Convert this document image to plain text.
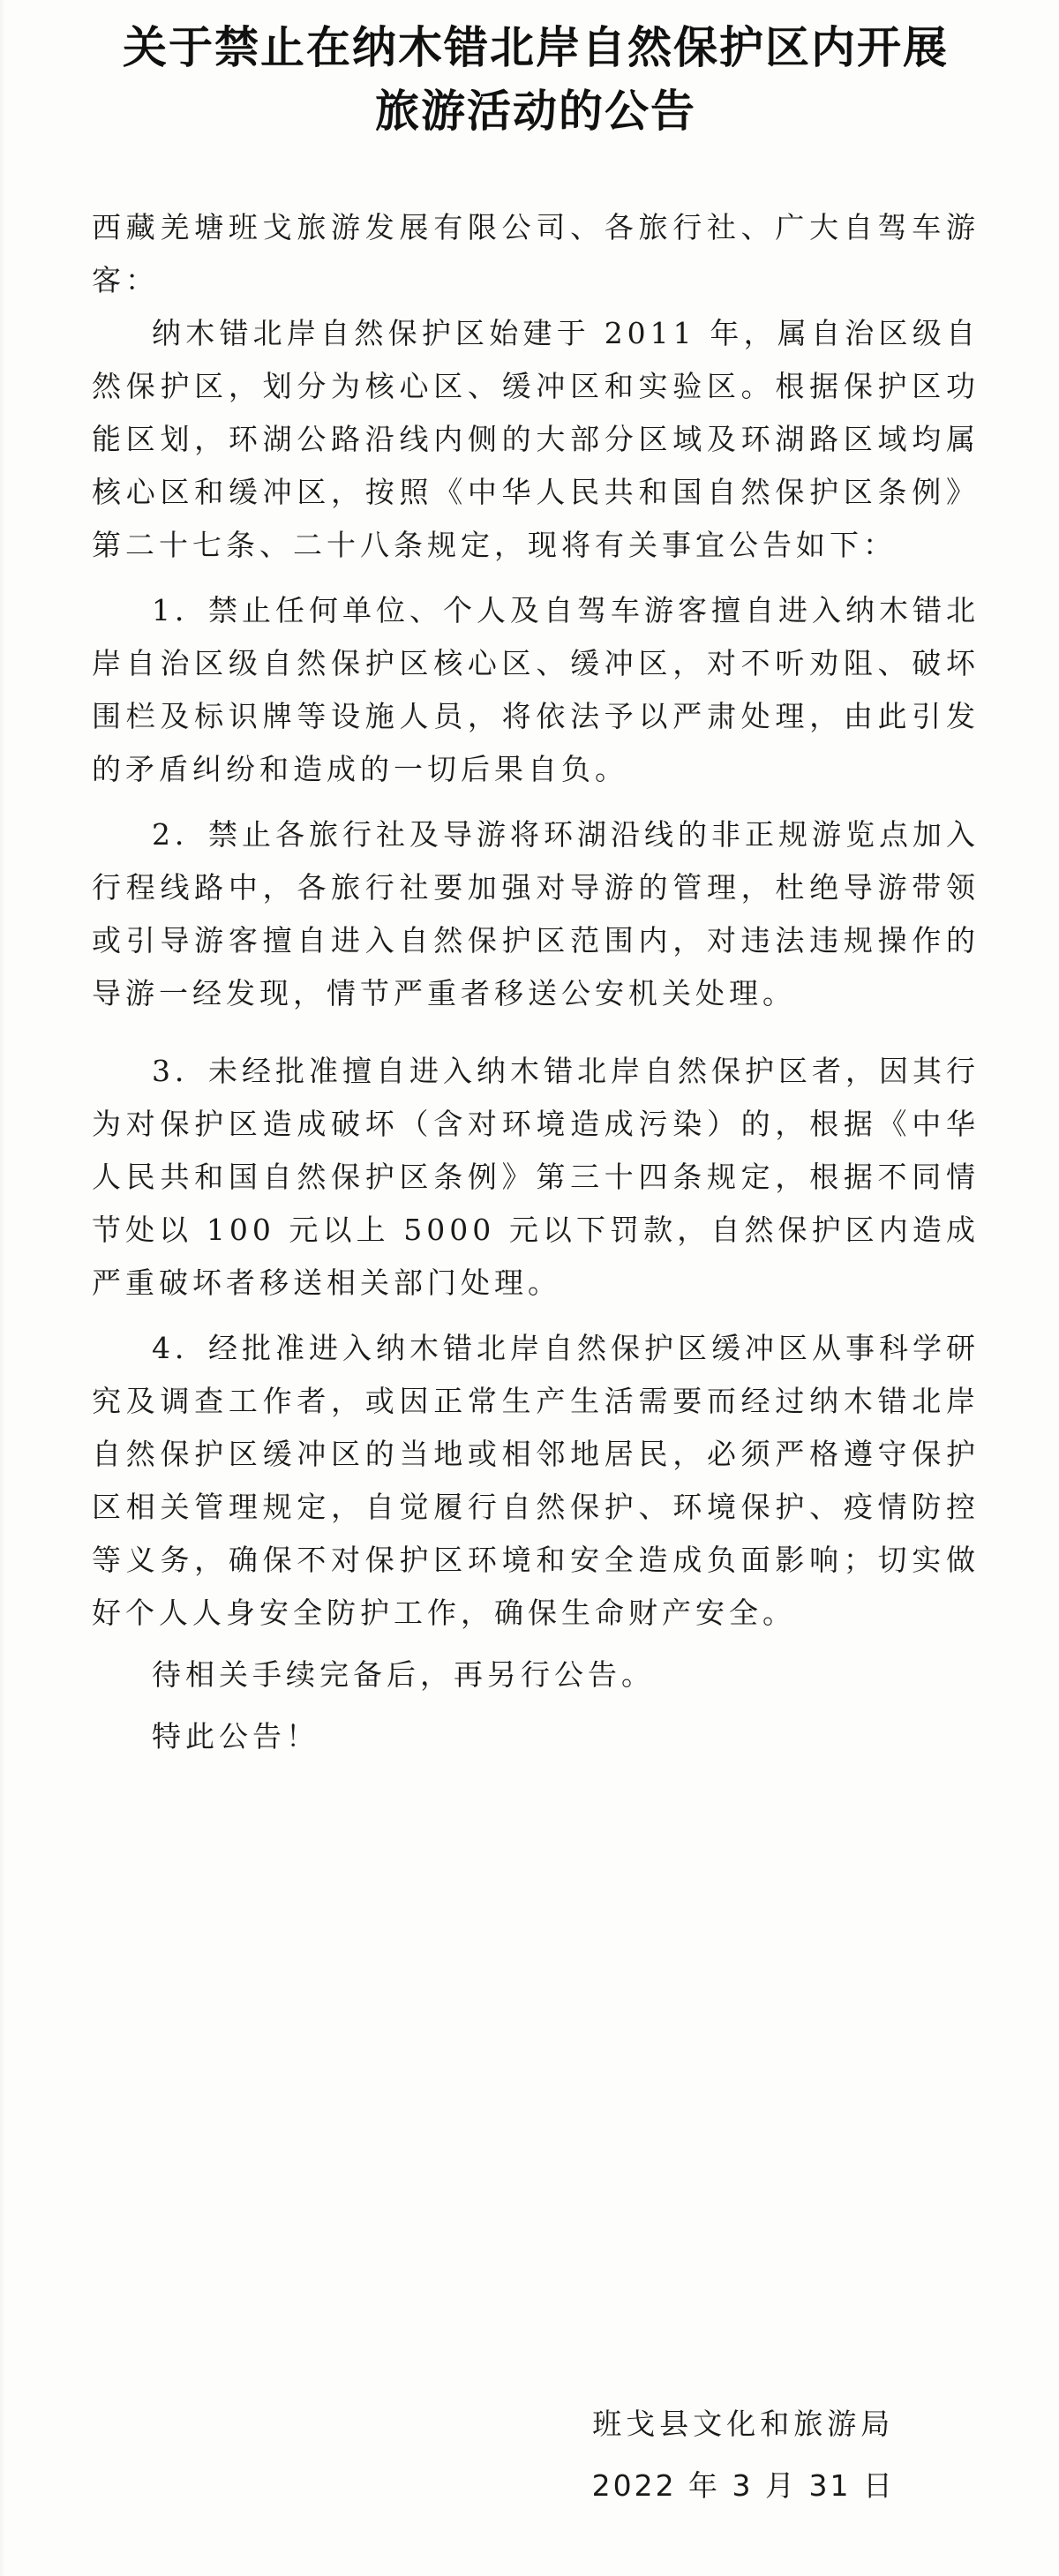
关于禁止在纳木错北岸自然保护区内开展
旅游活动的公告

西藏羌塘班戈旅游发展有限公司、各旅行社、广大自驾车游客：

纳木错北岸自然保护区始建于 2011 年，属自治区级自然保护区，划分为核心区、缓冲区和实验区。根据保护区功能区划，环湖公路沿线内侧的大部分区域及环湖路区域均属核心区和缓冲区，按照《中华人民共和国自然保护区条例》第二十七条、二十八条规定，现将有关事宜公告如下：

1．禁止任何单位、个人及自驾车游客擅自进入纳木错北岸自治区级自然保护区核心区、缓冲区，对不听劝阻、破坏围栏及标识牌等设施人员，将依法予以严肃处理，由此引发的矛盾纠纷和造成的一切后果自负。

2．禁止各旅行社及导游将环湖沿线的非正规游览点加入行程线路中，各旅行社要加强对导游的管理，杜绝导游带领或引导游客擅自进入自然保护区范围内，对违法违规操作的导游一经发现，情节严重者移送公安机关处理。

3．未经批准擅自进入纳木错北岸自然保护区者，因其行为对保护区造成破坏（含对环境造成污染）的，根据《中华人民共和国自然保护区条例》第三十四条规定，根据不同情节处以 100 元以上 5000 元以下罚款，自然保护区内造成严重破坏者移送相关部门处理。

4．经批准进入纳木错北岸自然保护区缓冲区从事科学研究及调查工作者，或因正常生产生活需要而经过纳木错北岸自然保护区缓冲区的当地或相邻地居民，必须严格遵守保护区相关管理规定，自觉履行自然保护、环境保护、疫情防控等义务，确保不对保护区环境和安全造成负面影响；切实做好个人人身安全防护工作，确保生命财产安全。

待相关手续完备后，再另行公告。

特此公告！

班戈县文化和旅游局
2022 年 3 月 31 日
